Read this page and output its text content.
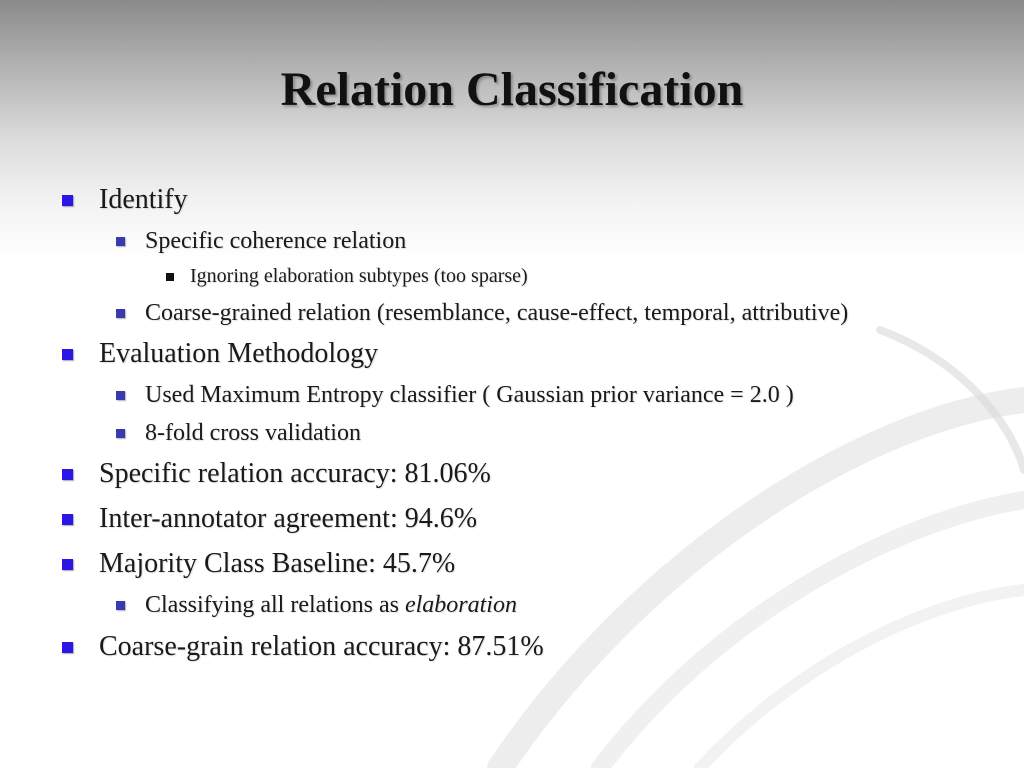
Relation Classification
Identify
Specific coherence relation
Ignoring elaboration subtypes (too sparse)
Coarse-grained relation (resemblance, cause-effect, temporal, attributive)
Evaluation Methodology
Used Maximum Entropy classifier ( Gaussian prior variance = 2.0 )
8-fold cross validation
Specific relation accuracy: 81.06%
Inter-annotator agreement: 94.6%
Majority Class Baseline: 45.7%
Classifying all relations as elaboration
Coarse-grain relation accuracy: 87.51%
